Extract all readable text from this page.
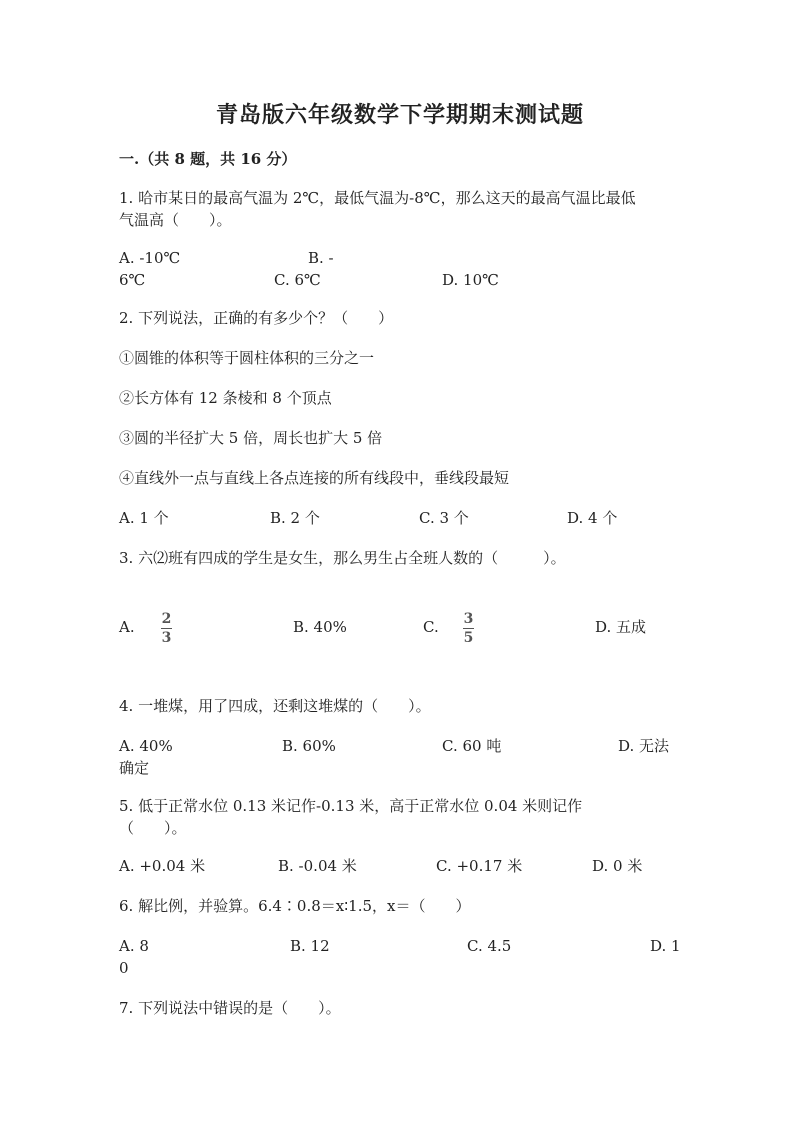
青岛版六年级数学下学期期末测试题
一.（共 8 题，共 16 分）
1. 哈市某日的最高气温为 2℃，最低气温为-8℃，那么这天的最高气温比最低
气温高（　　）。
A. -10℃	B. -
6℃	C. 6℃	D. 10℃
2. 下列说法，正确的有多少个？（　　）
①圆锥的体积等于圆柱体积的三分之一
②长方体有 12 条棱和 8 个顶点
③圆的半径扩大 5 倍，周长也扩大 5 倍
④直线外一点与直线上各点连接的所有线段中，垂线段最短
A. 1 个	B. 2 个	C. 3 个	D. 4 个
3. 六⑵班有四成的学生是女生，那么男生占全班人数的（　　　）。
A. 2
3
B. 40%	C. 3
5
D. 五成
4. 一堆煤，用了四成，还剩这堆煤的（　　）。
A. 40%	B. 60%	C. 60 吨	D. 无法
确定
5. 低于正常水位 0.13 米记作-0.13 米，高于正常水位 0.04 米则记作
（　　）。
A. +0.04 米	B. -0.04 米	C. +0.17 米	D. 0 米
6. 解比例，并验算。6.4∶0.8＝x∶1.5，x＝（　　）
A. 8	B. 12	C. 4.5	D. 1
0
7. 下列说法中错误的是（　　）。
